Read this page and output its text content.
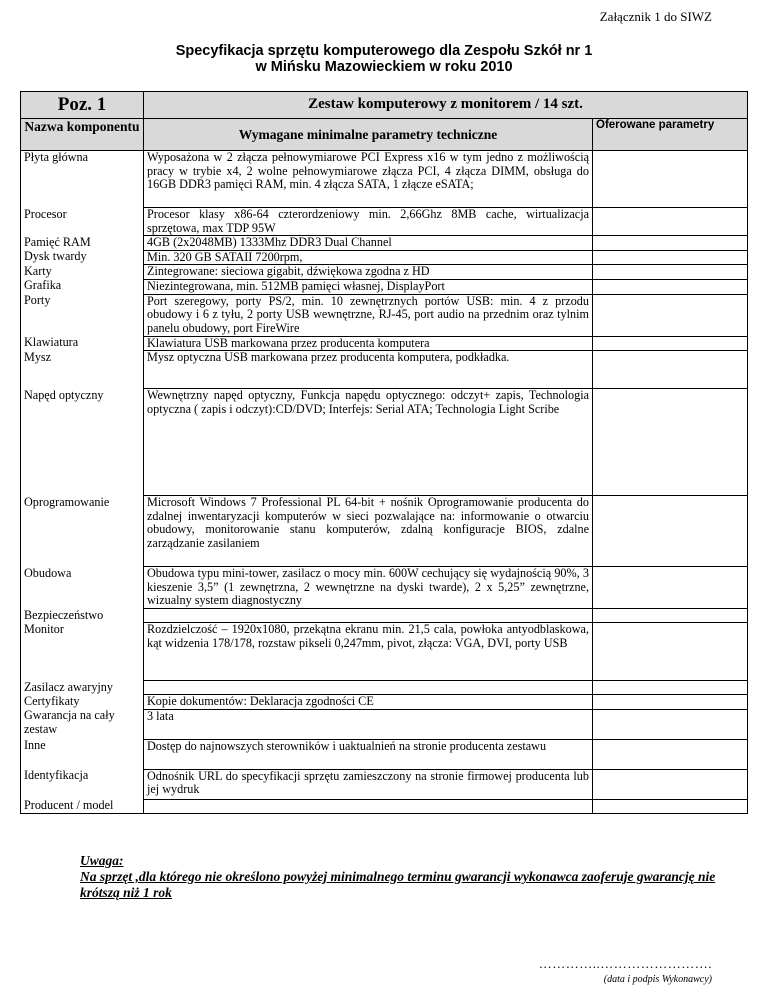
Załącznik 1 do SIWZ
Specyfikacja sprzętu komputerowego dla Zespołu Szkół nr 1
w Mińsku Mazowieckiem w roku 2010
Poz. 1	Zestaw komputerowy z monitorem / 14 szt.	
Nazwa komponentu	Wymagane minimalne parametry techniczne	Oferowane parametry
Płyta główna	Wyposażona w 2 złącza pełnowymiarowe PCI Express x16 w tym jedno z możliwością pracy w trybie x4, 2 wolne pełnowymiarowe złącza PCI, 4 złącza DIMM, obsługa do 16GB DDR3 pamięci RAM, min. 4 złącza SATA, 1 złącze eSATA;	
Procesor	Procesor klasy x86-64 czterordzeniowy min. 2,66Ghz 8MB cache, wirtualizacja sprzętowa, max TDP 95W	
Pamięć RAM	4GB (2x2048MB) 1333Mhz DDR3 Dual Channel	
Dysk twardy	Min. 320 GB SATAII 7200rpm,	
Karty	Zintegrowane: sieciowa gigabit, dźwiękowa zgodna z HD	
Grafika	Niezintegrowana, min. 512MB pamięci własnej, DisplayPort	
Porty	Port szeregowy, porty PS/2, min. 10 zewnętrznych portów USB: min. 4 z przodu obudowy i 6 z tyłu, 2 porty USB wewnętrzne, RJ-45, port audio na przednim oraz tylnim panelu obudowy, port FireWire	
Klawiatura	Klawiatura USB markowana przez producenta komputera	
Mysz	Mysz optyczna USB markowana przez producenta komputera, podkładka.	
Napęd optyczny	Wewnętrzny napęd optyczny, Funkcja napędu optycznego: odczyt+ zapis, Technologia optyczna ( zapis i odczyt):CD/DVD; Interfejs: Serial ATA; Technologia Light Scribe	
Oprogramowanie	Microsoft Windows 7 Professional PL 64-bit + nośnik Oprogramowanie producenta do zdalnej inwentaryzacji komputerów w sieci pozwalające na: informowanie o otwarciu obudowy, monitorowanie stanu komputerów, zdalną konfiguracje BIOS, zdalne zarządzanie zasilaniem	
Obudowa	Obudowa typu mini-tower, zasilacz o mocy min. 600W cechujący się wydajnością 90%, 3 kieszenie 3,5” (1 zewnętrzna, 2 wewnętrzne na dyski twarde), 2 x 5,25” zewnętrzne, wizualny system diagnostyczny	
Bezpieczeństwo		
Monitor	Rozdzielczość – 1920x1080, przekątna ekranu min. 21,5 cala, powłoka antyodblaskowa, kąt widzenia 178/178, rozstaw pikseli 0,247mm, pivot, złącza: VGA, DVI, porty USB	
Zasilacz awaryjny		
Certyfikaty	Kopie dokumentów: Deklaracja zgodności CE	
Gwarancja na cały zestaw	3 lata	
Inne	Dostęp do najnowszych sterowników i uaktualnień na stronie producenta zestawu	
Identyfikacja	Odnośnik URL do specyfikacji sprzętu zamieszczony na stronie firmowej producenta lub jej wydruk	
Producent / model		
Uwaga:
Na sprzęt ,dla którego nie określono powyżej minimalnego terminu gwarancji wykonawca zaoferuje gwarancję nie krótszą niż 1 rok
…………..…………………….
(data i podpis Wykonawcy)
